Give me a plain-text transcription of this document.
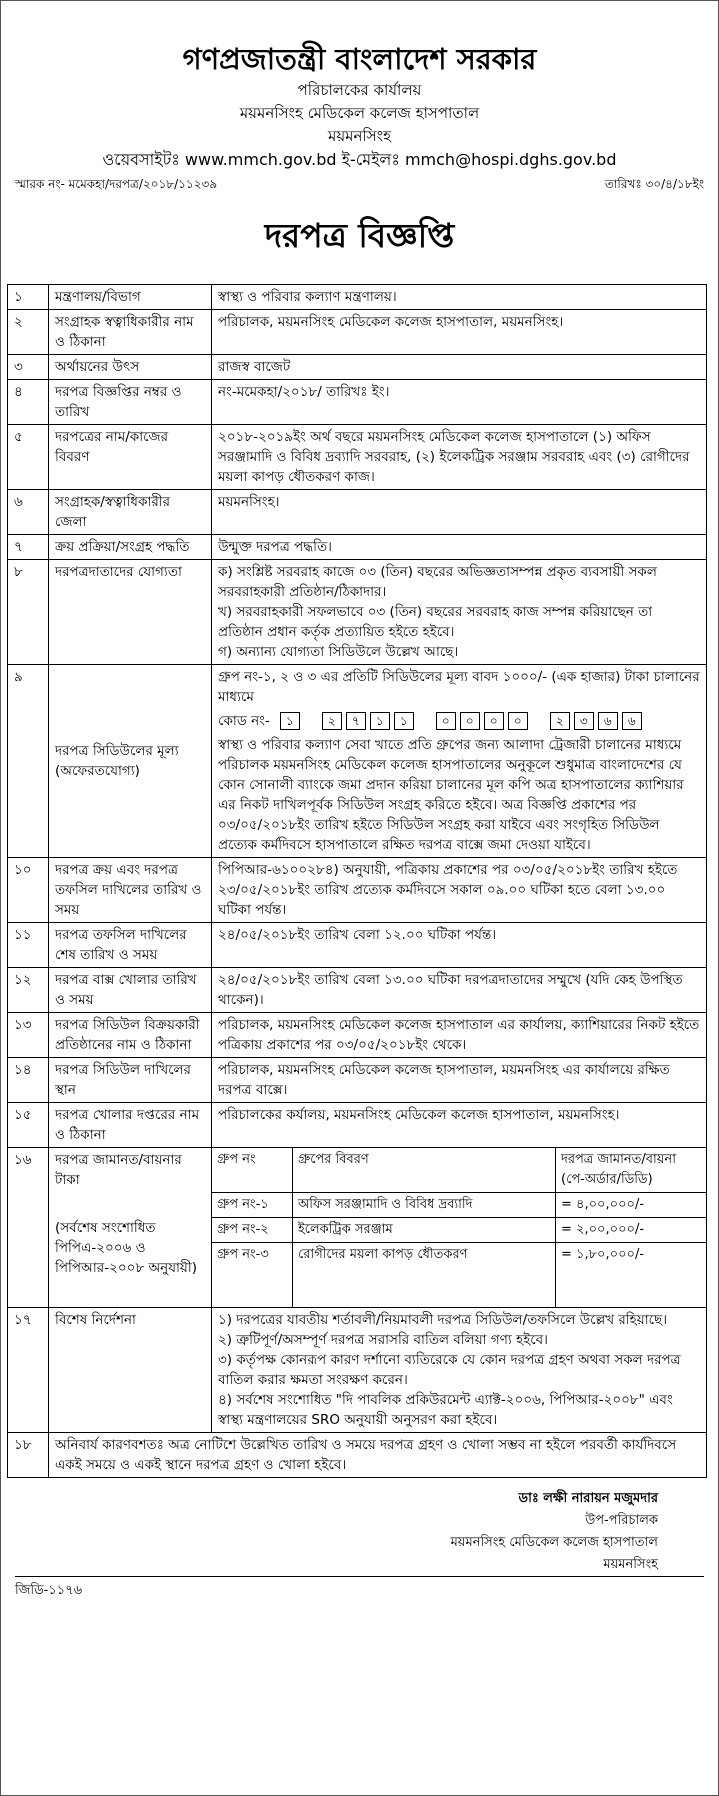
গণপ্রজাতন্ত্রী বাংলাদেশ সরকার
পরিচালকের কার্যালয়
ময়মনসিংহ মেডিকেল কলেজ হাসপাতাল
ময়মনসিংহ
ওয়েবসাইটঃ www.mmch.gov.bd ই-মেইলঃ mmch@hospi.dghs.gov.bd
স্মারক নং- মমেকহা/দরপত্র/২০১৮/১১২৩৯	তারিখঃ ৩০/৪/১৮ইং
দরপত্র বিজ্ঞপ্তি
১	মন্ত্রণালয়/বিভাগ	স্বাস্থ্য ও পরিবার কল্যাণ মন্ত্রণালয়।
২	সংগ্রাহক স্বত্বাধিকারীর নাম ও ঠিকানা	পরিচালক, ময়মনসিংহ মেডিকেল কলেজ হাসপাতাল, ময়মনসিংহ।
৩	অর্থায়নের উৎস	রাজস্ব বাজেট
৪	দরপত্র বিজ্ঞপ্তির নম্বর ও তারিখ	নং-মমেকহা/২০১৮/ তারিখঃ ইং।
৫	দরপত্রের নাম/কাজের বিবরণ	২০১৮-২০১৯ইং অর্থ বছরে ময়মনসিংহ মেডিকেল কলেজ হাসপাতালে (১) অফিস সরঞ্জামাদি ও বিবিধ দ্রব্যাদি সরবরাহ, (২) ইলেকট্রিক সরঞ্জাম সরবরাহ এবং (৩) রোগীদের ময়লা কাপড় ধৌতকরণ কাজ।
৬	সংগ্রাহক/স্বত্বাধিকারীর জেলা	ময়মনসিংহ।
৭	ক্রয় প্রক্রিয়া/সংগ্রহ পদ্ধতি	উন্মুক্ত দরপত্র পদ্ধতি।
৮	দরপত্রদাতাদের যোগ্যতা	ক) সংশ্লিষ্ট সরবরাহ কাজে ০৩ (তিন) বছরের অভিজ্ঞতাসম্পন্ন প্রকৃত ব্যবসায়ী সকল সরবরাহকারী প্রতিষ্ঠান/ঠিকাদার।
খ) সরবরাহকারী সফলভাবে ০৩ (তিন) বছরের সরবরাহ কাজ সম্পন্ন করিয়াছেন তা প্রতিষ্ঠান প্রধান কর্তৃক প্রত্যায়িত হইতে হইবে।
গ) অন্যান্য যোগ্যতা সিডিউলে উল্লেখ আছে।

৯	দরপত্র সিডিউলের মূল্য (অফেরতযোগ্য)	
গ্রুপ নং-১, ২ ও ৩ এর প্রতিটি সিডিউলের মূল্য বাবদ ১০০০/- (এক হাজার) টাকা চালানের মাধ্যমে
কোড নং-	১	২ ৭ ১ ১	০ ০ ০ ০	২ ৩ ৬ ৬
স্বাস্থ্য ও পরিবার কল্যাণ সেবা খাতে প্রতি গ্রুপের জন্য আলাদা ট্রেজারী চালানের মাধ্যমে পরিচালক ময়মনসিংহ মেডিকেল কলেজ হাসপাতালের অনুকূলে শুধুমাত্র বাংলাদেশের যে কোন সোনালী ব্যাংকে জমা প্রদান করিয়া চালানের মূল কপি অত্র হাসপাতালের ক্যাশিয়ার এর নিকট দাখিলপূর্বক সিডিউল সংগ্রহ করিতে হইবে। অত্র বিজ্ঞপ্তি প্রকাশের পর ০৩/০৫/২০১৮ইং তারিখ হইতে সিডিউল সংগ্রহ করা যাইবে এবং সংগৃহিত সিডিউল প্রত্যেক কর্মদিবসে হাসপাতালে রক্ষিত দরপত্র বাক্সে জমা দেওয়া যাইবে।

১০	দরপত্র ক্রয় এবং দরপত্র তফসিল দাখিলের তারিখ ও সময়	পিপিআর-৬১০০২৮৪) অনুযায়ী, পত্রিকায় প্রকাশের পর ০৩/০৫/২০১৮ইং তারিখ হইতে ২৩/০৫/২০১৮ইং তারিখ প্রত্যেক কর্মদিবসে সকাল ০৯.০০ ঘটিকা হতে বেলা ১৩.০০ ঘটিকা পর্যন্ত।
১১	দরপত্র তফসিল দাখিলের শেষ তারিখ ও সময়	২৪/০৫/২০১৮ইং তারিখ বেলা ১২.০০ ঘটিকা পর্যন্ত।
১২	দরপত্র বাক্স খোলার তারিখ ও সময়	২৪/০৫/২০১৮ইং তারিখ বেলা ১৩.০০ ঘটিকা দরপত্রদাতাদের সম্মুখে (যদি কেহ উপস্থিত থাকেন)।
১৩	দরপত্র সিডিউল বিক্রয়কারী প্রতিষ্ঠানের নাম ও ঠিকানা	পরিচালক, ময়মনসিংহ মেডিকেল কলেজ হাসপাতাল এর কার্যালয়, ক্যাশিয়ারের নিকট হইতে পত্রিকায় প্রকাশের পর ০৩/০৫/২০১৮ইং থেকে।
১৪	দরপত্র সিডিউল দাখিলের স্থান	পরিচালক, ময়মনসিংহ মেডিকেল কলেজ হাসপাতাল, ময়মনসিংহ এর কার্যালয়ে রক্ষিত দরপত্র বাক্সে।
১৫	দরপত্র খোলার দপ্তরের নাম ও ঠিকানা	পরিচালকের কর্যালয়, ময়মনসিংহ মেডিকেল কলেজ হাসপাতাল, ময়মনসিংহ।
১৬	দরপত্র জামানত/বায়নার টাকা
(সর্বশেষ সংশোধিত পিপিএ-২০০৬ ও পিপিআর-২০০৮ অনুযায়ী)

গ্রুপ নং	গ্রুপের বিবরণ	দরপত্র জামানত/বায়না (পে-অর্ডার/ডিডি)
গ্রুপ নং-১	অফিস সরঞ্জামাদি ও বিবিধ দ্রব্যাদি	= ৪,০০,০০০/-
গ্রুপ নং-২	ইলেকট্রিক সরঞ্জাম	= ২,০০,০০০/-
গ্রুপ নং-৩	রোগীদের ময়লা কাপড় ধৌতকরণ	= ১,৮০,০০০/-

১৭	বিশেষ নির্দেশনা	১) দরপত্রের যাবতীয় শর্তাবলী/নিয়মাবলী দরপত্র সিডিউল/তফসিলে উল্লেখ রহিয়াছে।
২) ত্রুটিপূর্ণ/অসম্পূর্ণ দরপত্র সরাসরি বাতিল বলিয়া গণ্য হইবে।
৩) কর্তৃপক্ষ কোনরূপ কারণ দর্শানো ব্যতিরেকে যে কোন দরপত্র গ্রহণ অথবা সকল দরপত্র বাতিল করার ক্ষমতা সংরক্ষণ করেন।
৪) সর্বশেষ সংশোধিত "দি পাবলিক প্রকিউরমেন্ট এ্যাক্ট-২০০৬, পিপিআর-২০০৮" এবং স্বাস্থ্য মন্ত্রণালয়ের SRO অনুযায়ী অনুসরণ করা হইবে।

১৮	অনিবার্য কারণবশতঃ অত্র নোটিশে উল্লেখিত তারিখ ও সময়ে দরপত্র গ্রহণ ও খোলা সম্ভব না হইলে পরবর্তী কার্যদিবসে একই সময়ে ও একই স্থানে দরপত্র গ্রহণ ও খোলা হইবে।
ডাঃ লক্ষী নারায়ন মজুমদার
উপ-পরিচালক
ময়মনসিংহ মেডিকেল কলেজ হাসপাতাল
ময়মনসিংহ
জিডি-১১৭৬
